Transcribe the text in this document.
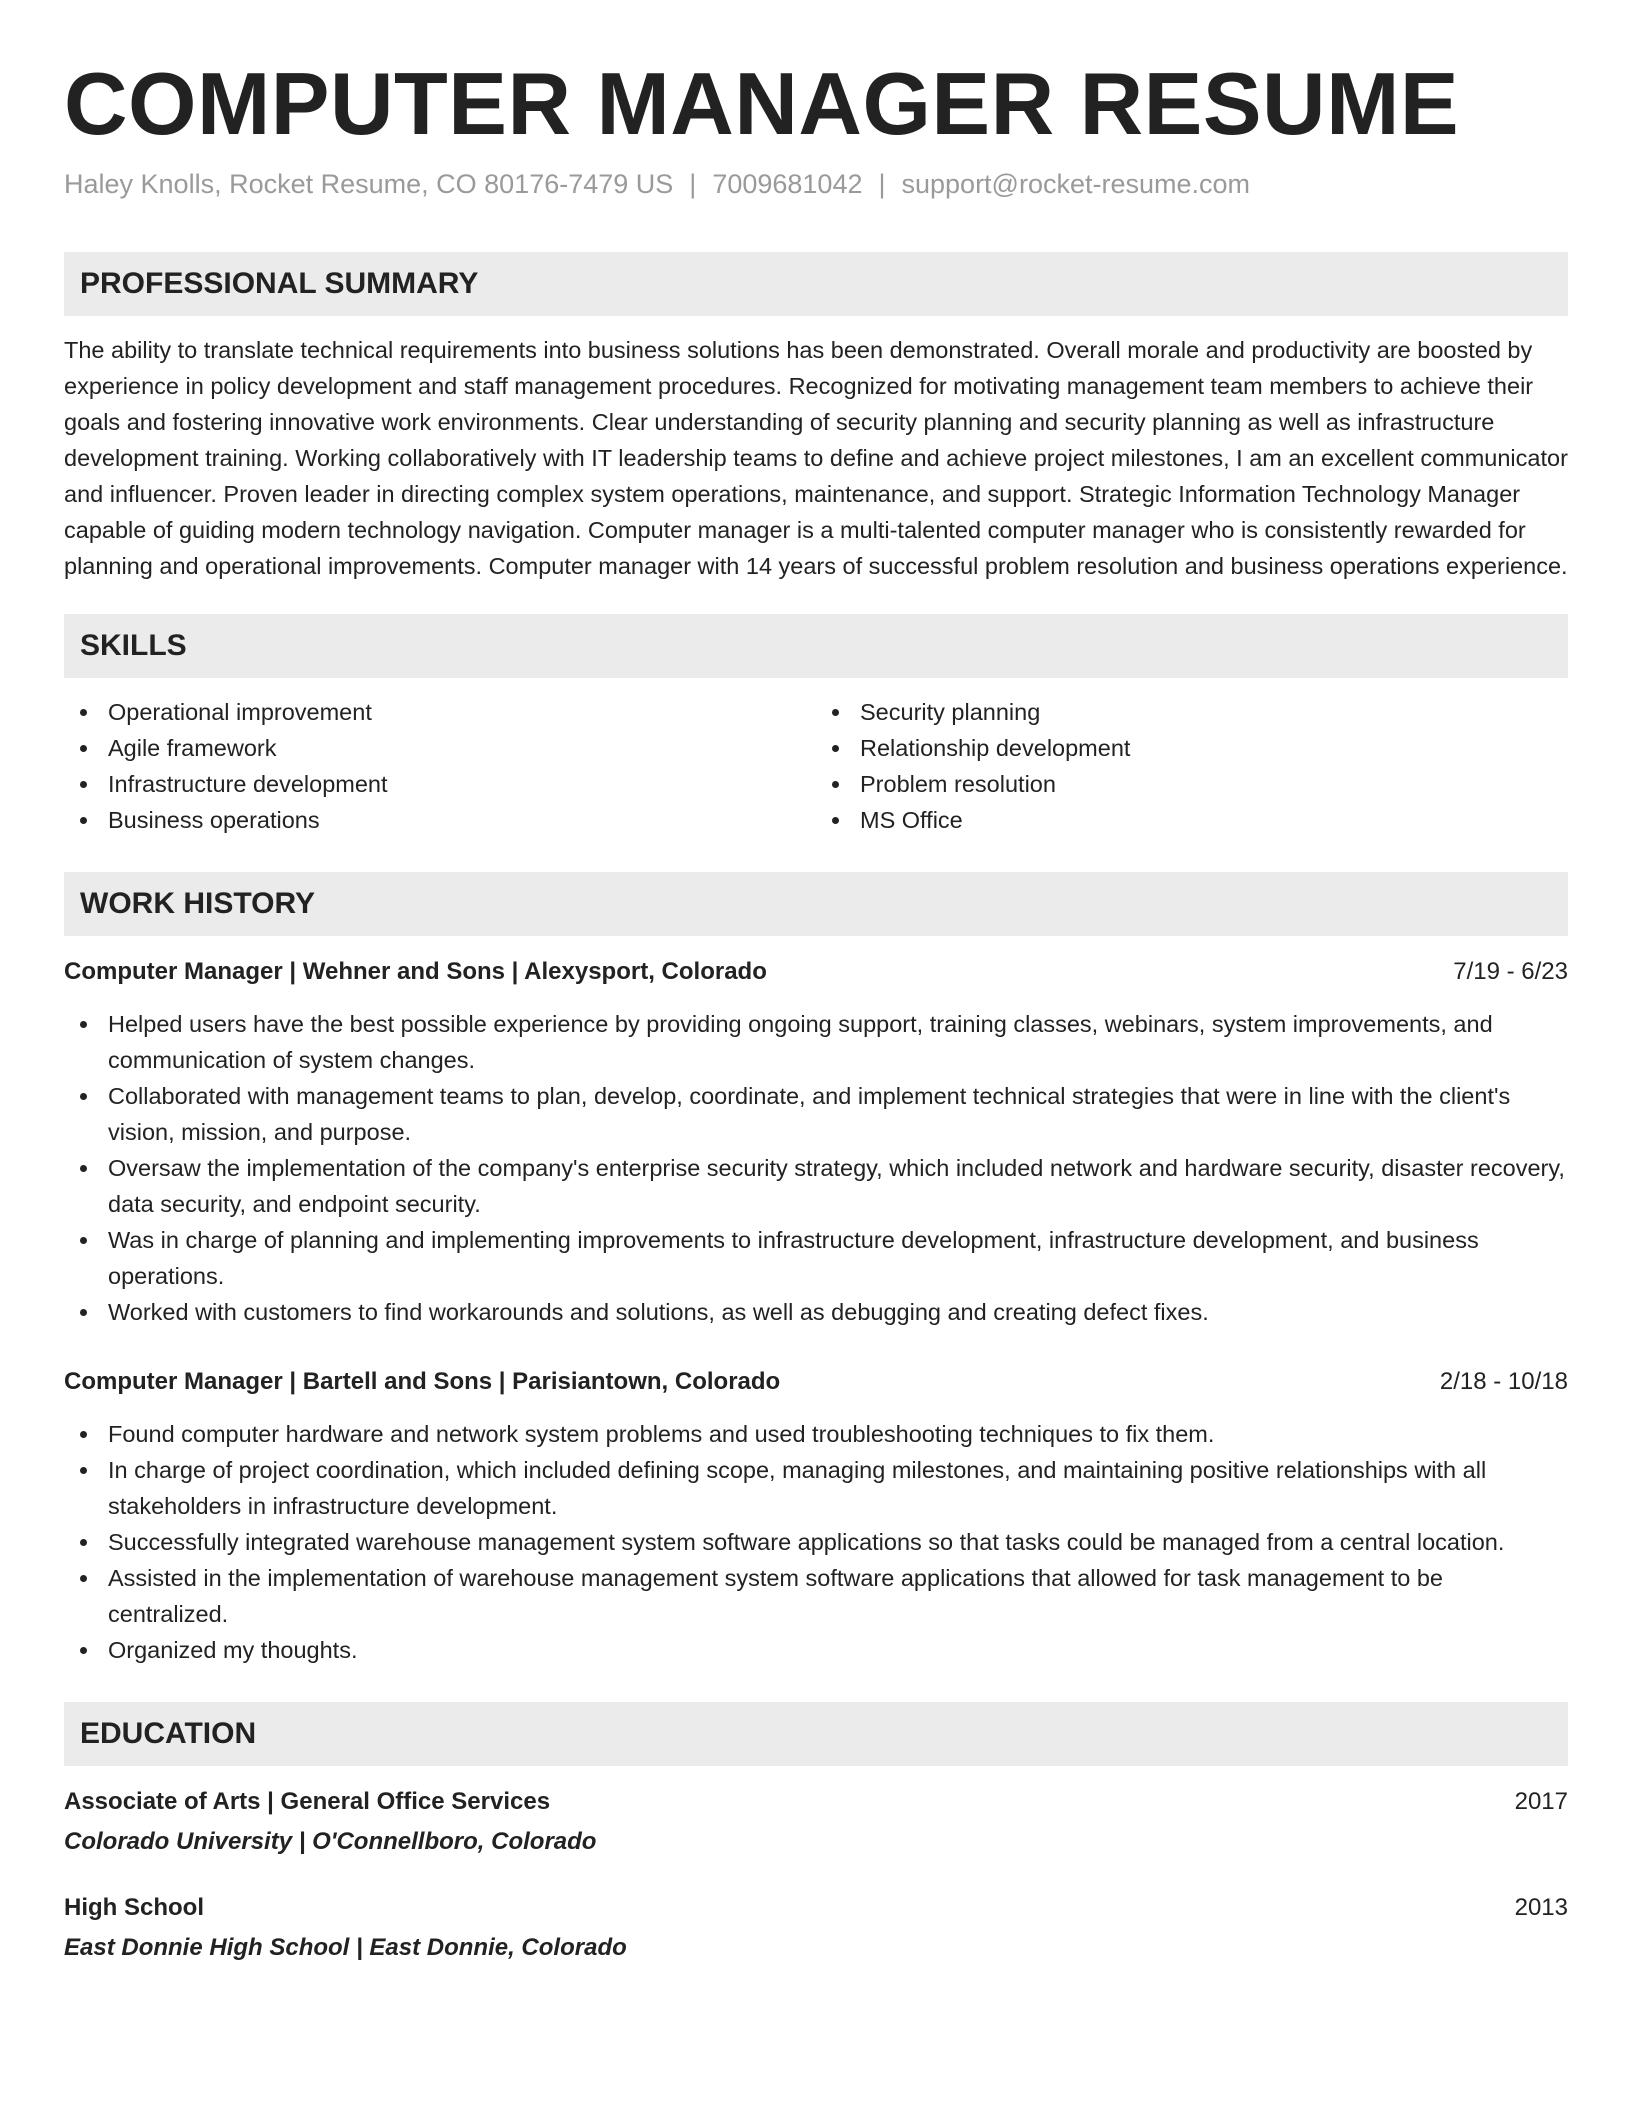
COMPUTER MANAGER RESUME
Haley Knolls, Rocket Resume, CO 80176-7479 US | 7009681042 | support@rocket-resume.com
PROFESSIONAL SUMMARY

The ability to translate technical requirements into business solutions has been demonstrated. Overall morale and productivity are boosted by experience in policy development and staff management procedures. Recognized for motivating management team members to achieve their goals and fostering innovative work environments. Clear understanding of security planning and security planning as well as infrastructure development training. Working collaboratively with IT leadership teams to define and achieve project milestones, I am an excellent communicator and influencer. Proven leader in directing complex system operations, maintenance, and support. Strategic Information Technology Manager capable of guiding modern technology navigation. Computer manager is a multi-talented computer manager who is consistently rewarded for planning and operational improvements. Computer manager with 14 years of successful problem resolution and business operations experience.

SKILLS
Operational improvement
Agile framework
Infrastructure development
Business operations
Security planning
Relationship development
Problem resolution
MS Office
WORK HISTORY
Computer Manager | Wehner and Sons | Alexysport, Colorado	7/19 - 6/23
Helped users have the best possible experience by providing ongoing support, training classes, webinars, system improvements, and communication of system changes.
Collaborated with management teams to plan, develop, coordinate, and implement technical strategies that were in line with the client's vision, mission, and purpose.
Oversaw the implementation of the company's enterprise security strategy, which included network and hardware security, disaster recovery, data security, and endpoint security.
Was in charge of planning and implementing improvements to infrastructure development, infrastructure development, and business operations.
Worked with customers to find workarounds and solutions, as well as debugging and creating defect fixes.
Computer Manager | Bartell and Sons | Parisiantown, Colorado	2/18 - 10/18
Found computer hardware and network system problems and used troubleshooting techniques to fix them.
In charge of project coordination, which included defining scope, managing milestones, and maintaining positive relationships with all stakeholders in infrastructure development.
Successfully integrated warehouse management system software applications so that tasks could be managed from a central location.
Assisted in the implementation of warehouse management system software applications that allowed for task management to be centralized.
Organized my thoughts.
EDUCATION
Associate of Arts | General Office Services	2017
Colorado University | O'Connellboro, Colorado
High School	2013
East Donnie High School | East Donnie, Colorado
